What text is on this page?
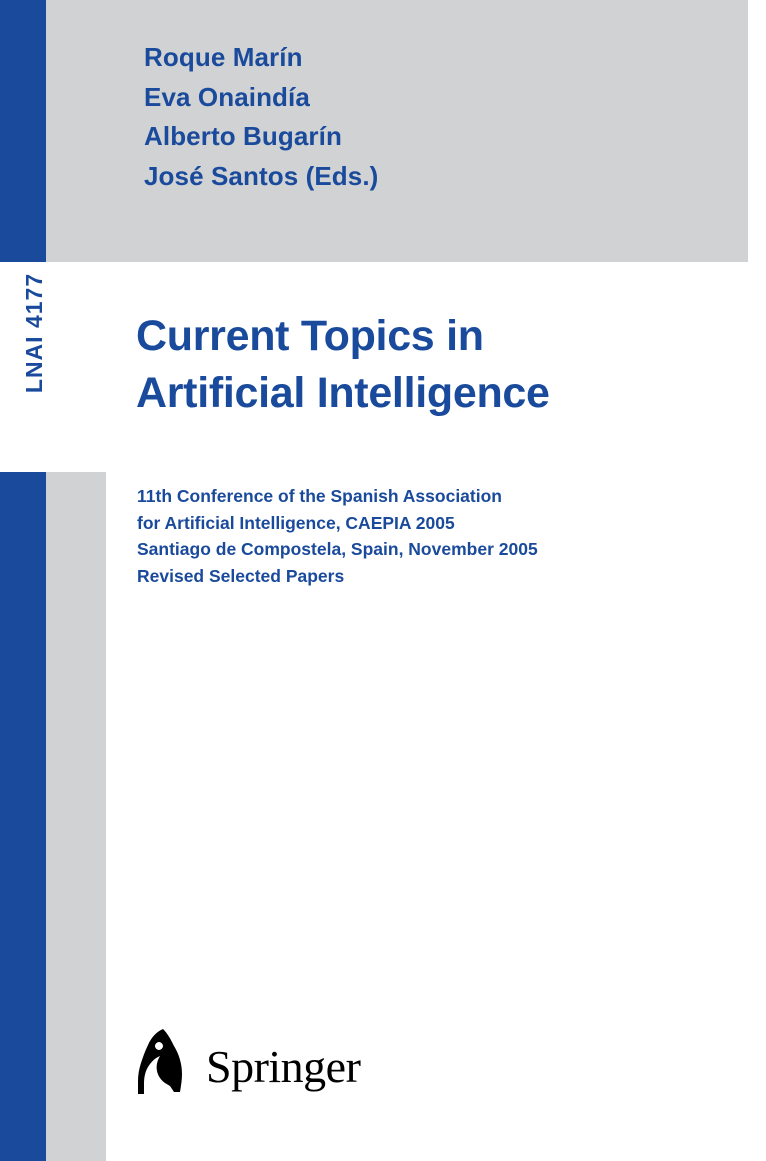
LNAI 4177
Roque Marín
Eva Onaindía
Alberto Bugarín
José Santos (Eds.)
Current Topics in
Artificial Intelligence
11th Conference of the Spanish Association
for Artificial Intelligence, CAEPIA 2005
Santiago de Compostela, Spain, November 2005
Revised Selected Papers
Springer
